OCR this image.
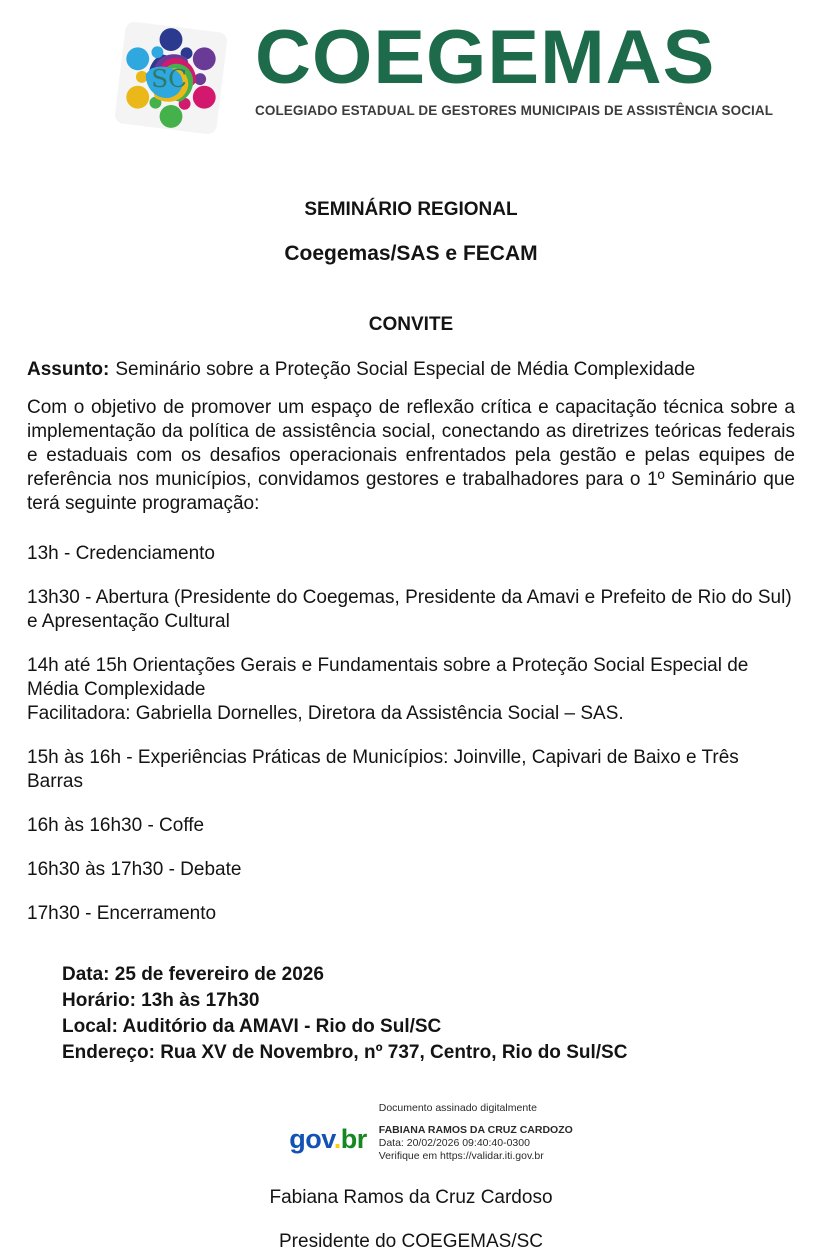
SC COEGEMAS
COLEGIADO ESTADUAL DE GESTORES MUNICIPAIS DE ASSISTÊNCIA SOCIAL
SEMINÁRIO REGIONAL
Coegemas/SAS e FECAM
CONVITE

Assunto: Seminário sobre a Proteção Social Especial de Média Complexidade

Com o objetivo de promover um espaço de reflexão crítica e capacitação técnica sobre a implementação da política de assistência social, conectando as diretrizes teóricas federais e estaduais com os desafios operacionais enfrentados pela gestão e pelas equipes de referência nos municípios, convidamos gestores e trabalhadores para o 1º Seminário que terá seguinte programação:

13h - Credenciamento

13h30 - Abertura (Presidente do Coegemas, Presidente da Amavi e Prefeito de Rio do Sul) e Apresentação Cultural

14h até 15h Orientações Gerais e Fundamentais sobre a Proteção Social Especial de Média Complexidade
Facilitadora: Gabriella Dornelles, Diretora da Assistência Social – SAS.

15h às 16h - Experiências Práticas de Municípios: Joinville, Capivari de Baixo e Três Barras

16h às 16h30 - Coffe

16h30 às 17h30 - Debate

17h30 - Encerramento

Data: 25 de fevereiro de 2026
Horário: 13h às 17h30
Local: Auditório da AMAVI - Rio do Sul/SC
Endereço: Rua XV de Novembro, nº 737, Centro, Rio do Sul/SC
gov.br
Documento assinado digitalmente
FABIANA RAMOS DA CRUZ CARDOZO
Data: 20/02/2026 09:40:40-0300
Verifique em https://validar.iti.gov.br
Fabiana Ramos da Cruz Cardoso
Presidente do COEGEMAS/SC
